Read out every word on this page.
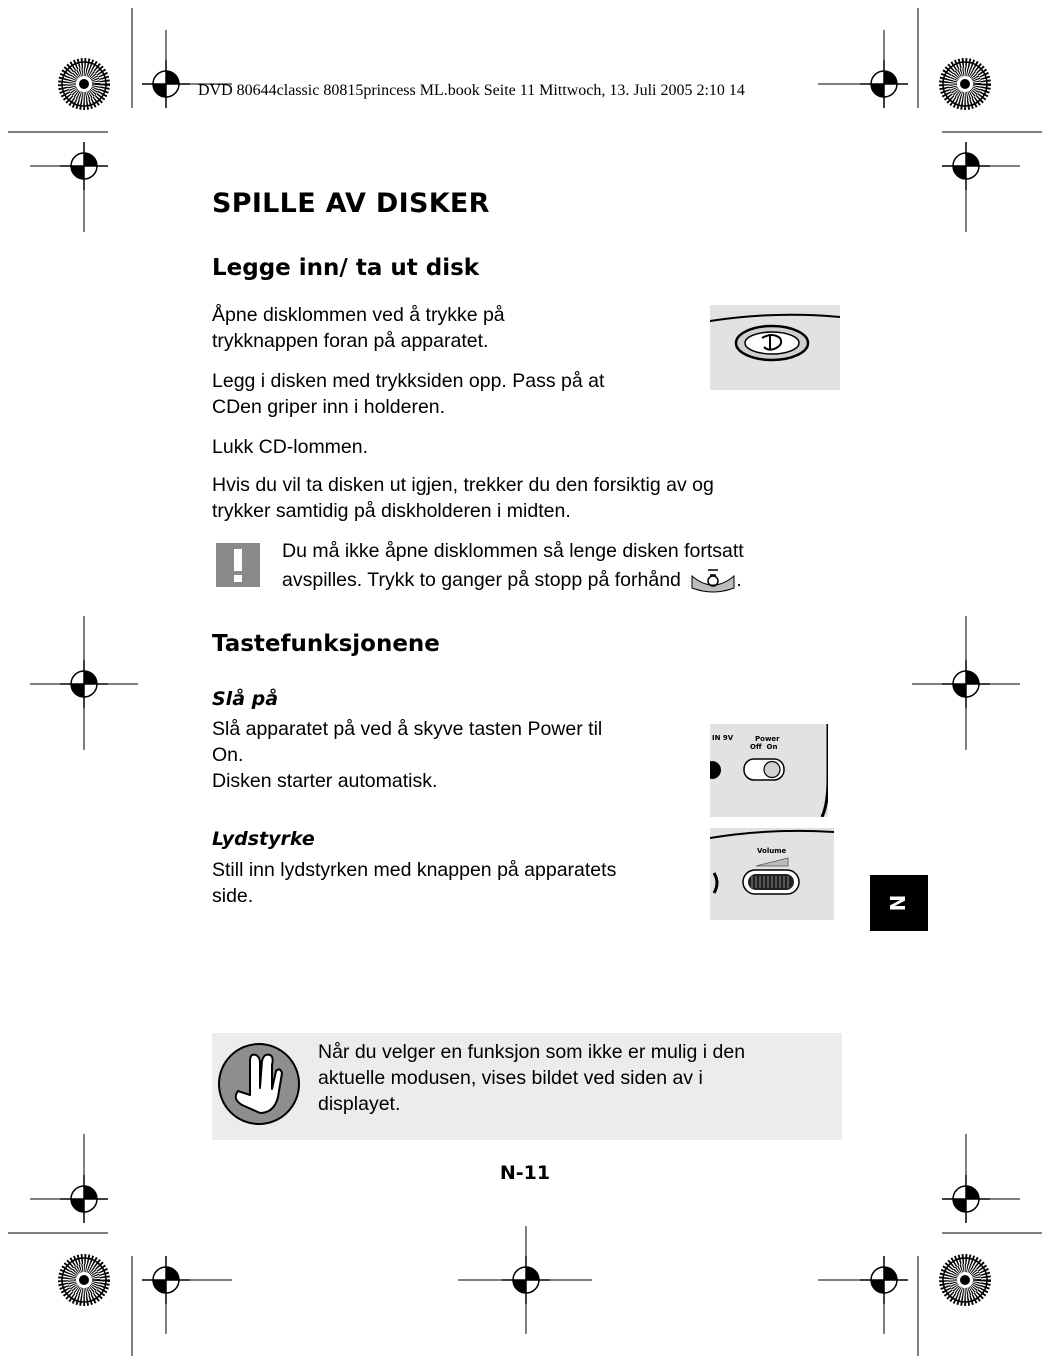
DVD 80644classic 80815princess ML.book Seite 11 Mittwoch, 13. Juli 2005 2:10 14
SPILLE AV DISKER
Legge inn/ ta ut disk

Åpne disklommen ved å trykke på
trykknappen foran på apparatet.

Legg i disken med trykksiden opp. Pass på at
CDen griper inn i holderen.

Lukk CD-lommen.

Hvis du vil ta disken ut igjen, trekker du den forsiktig av og
trykker samtidig på diskholderen i midten.

Du må ikke åpne disklommen så lenge disken fortsatt
avspilles. Trykk to ganger på stopp på forhånd	.

Tastefunksjonene
Slå på

Slå apparatet på ved å skyve tasten Power til
On.
Disken starter automatisk.

IN 9V	Power
Off  On
Lydstyrke

Still inn lydstyrken med knappen på apparatets
side.

Volume
N

Når du velger en funksjon som ikke er mulig i den
aktuelle modusen, vises bildet ved siden av i
displayet.

N-11
